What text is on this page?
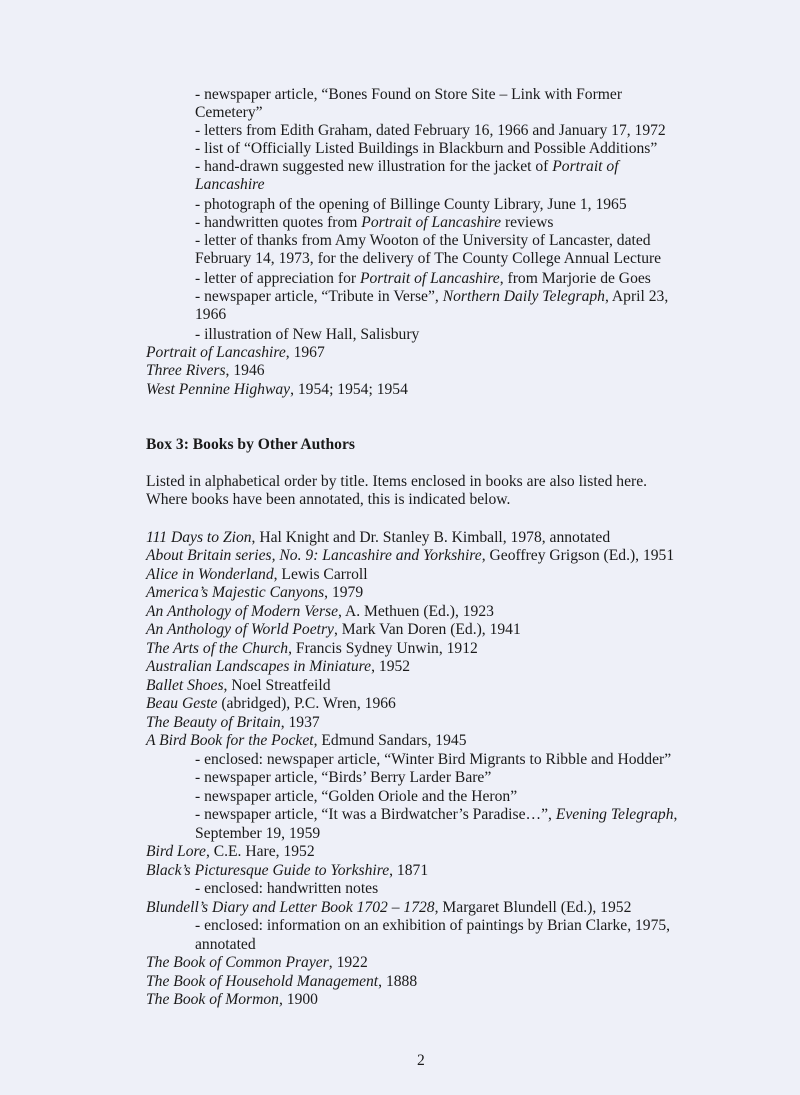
- newspaper article, “Bones Found on Store Site – Link with Former
Cemetery”
- letters from Edith Graham, dated February 16, 1966 and January 17, 1972
- list of “Officially Listed Buildings in Blackburn and Possible Additions”
- hand-drawn suggested new illustration for the jacket of Portrait of
Lancashire
- photograph of the opening of Billinge County Library, June 1, 1965
- handwritten quotes from Portrait of Lancashire reviews
- letter of thanks from Amy Wooton of the University of Lancaster, dated
February 14, 1973, for the delivery of The County College Annual Lecture
- letter of appreciation for Portrait of Lancashire, from Marjorie de Goes
- newspaper article, “Tribute in Verse”, Northern Daily Telegraph, April 23,
1966
- illustration of New Hall, Salisbury
Portrait of Lancashire, 1967
Three Rivers, 1946
West Pennine Highway, 1954; 1954; 1954
Box 3: Books by Other Authors
Listed in alphabetical order by title. Items enclosed in books are also listed here.
Where books have been annotated, this is indicated below.
111 Days to Zion, Hal Knight and Dr. Stanley B. Kimball, 1978, annotated
About Britain series, No. 9: Lancashire and Yorkshire, Geoffrey Grigson (Ed.), 1951
Alice in Wonderland, Lewis Carroll
America’s Majestic Canyons, 1979
An Anthology of Modern Verse, A. Methuen (Ed.), 1923
An Anthology of World Poetry, Mark Van Doren (Ed.), 1941
The Arts of the Church, Francis Sydney Unwin, 1912
Australian Landscapes in Miniature, 1952
Ballet Shoes, Noel Streatfeild
Beau Geste (abridged), P.C. Wren, 1966
The Beauty of Britain, 1937
A Bird Book for the Pocket, Edmund Sandars, 1945
- enclosed: newspaper article, “Winter Bird Migrants to Ribble and Hodder”
- newspaper article, “Birds’ Berry Larder Bare”
- newspaper article, “Golden Oriole and the Heron”
- newspaper article, “It was a Birdwatcher’s Paradise…”, Evening Telegraph,
September 19, 1959
Bird Lore, C.E. Hare, 1952
Black’s Picturesque Guide to Yorkshire, 1871
- enclosed: handwritten notes
Blundell’s Diary and Letter Book 1702 – 1728, Margaret Blundell (Ed.), 1952
- enclosed: information on an exhibition of paintings by Brian Clarke, 1975,
annotated
The Book of Common Prayer, 1922
The Book of Household Management, 1888
The Book of Mormon, 1900
2
